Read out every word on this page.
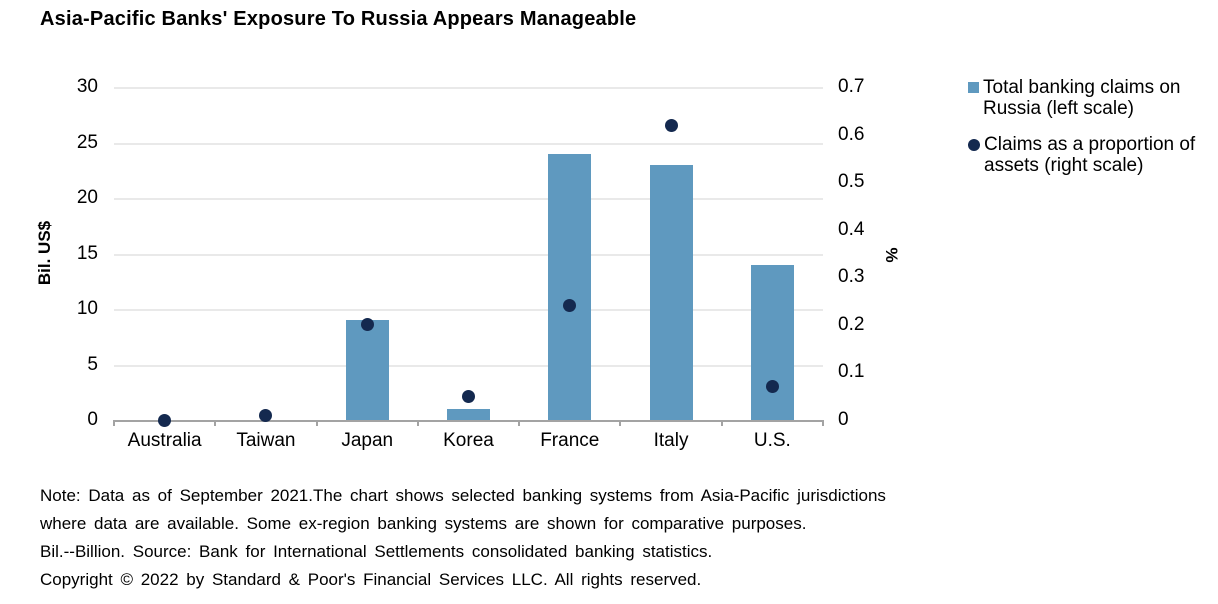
Asia-Pacific Banks' Exposure To Russia Appears Manageable
Bil. US$	%
Australia	Taiwan	Japan	Korea	France	Italy	U.S.
0
5
10
15
20
25
30
0
0.1
0.2
0.3
0.4
0.5
0.6
0.7	Total banking claims on Russia (left scale)
Claims as a proportion of assets (right scale)
Note: Data as of September 2021.The chart shows selected banking systems from Asia-Pacific jurisdictions
where data are available. Some ex-region banking systems are shown for comparative purposes.
Bil.--Billion. Source: Bank for International Settlements consolidated banking statistics.
Copyright © 2022 by Standard & Poor's Financial Services LLC. All rights reserved.
